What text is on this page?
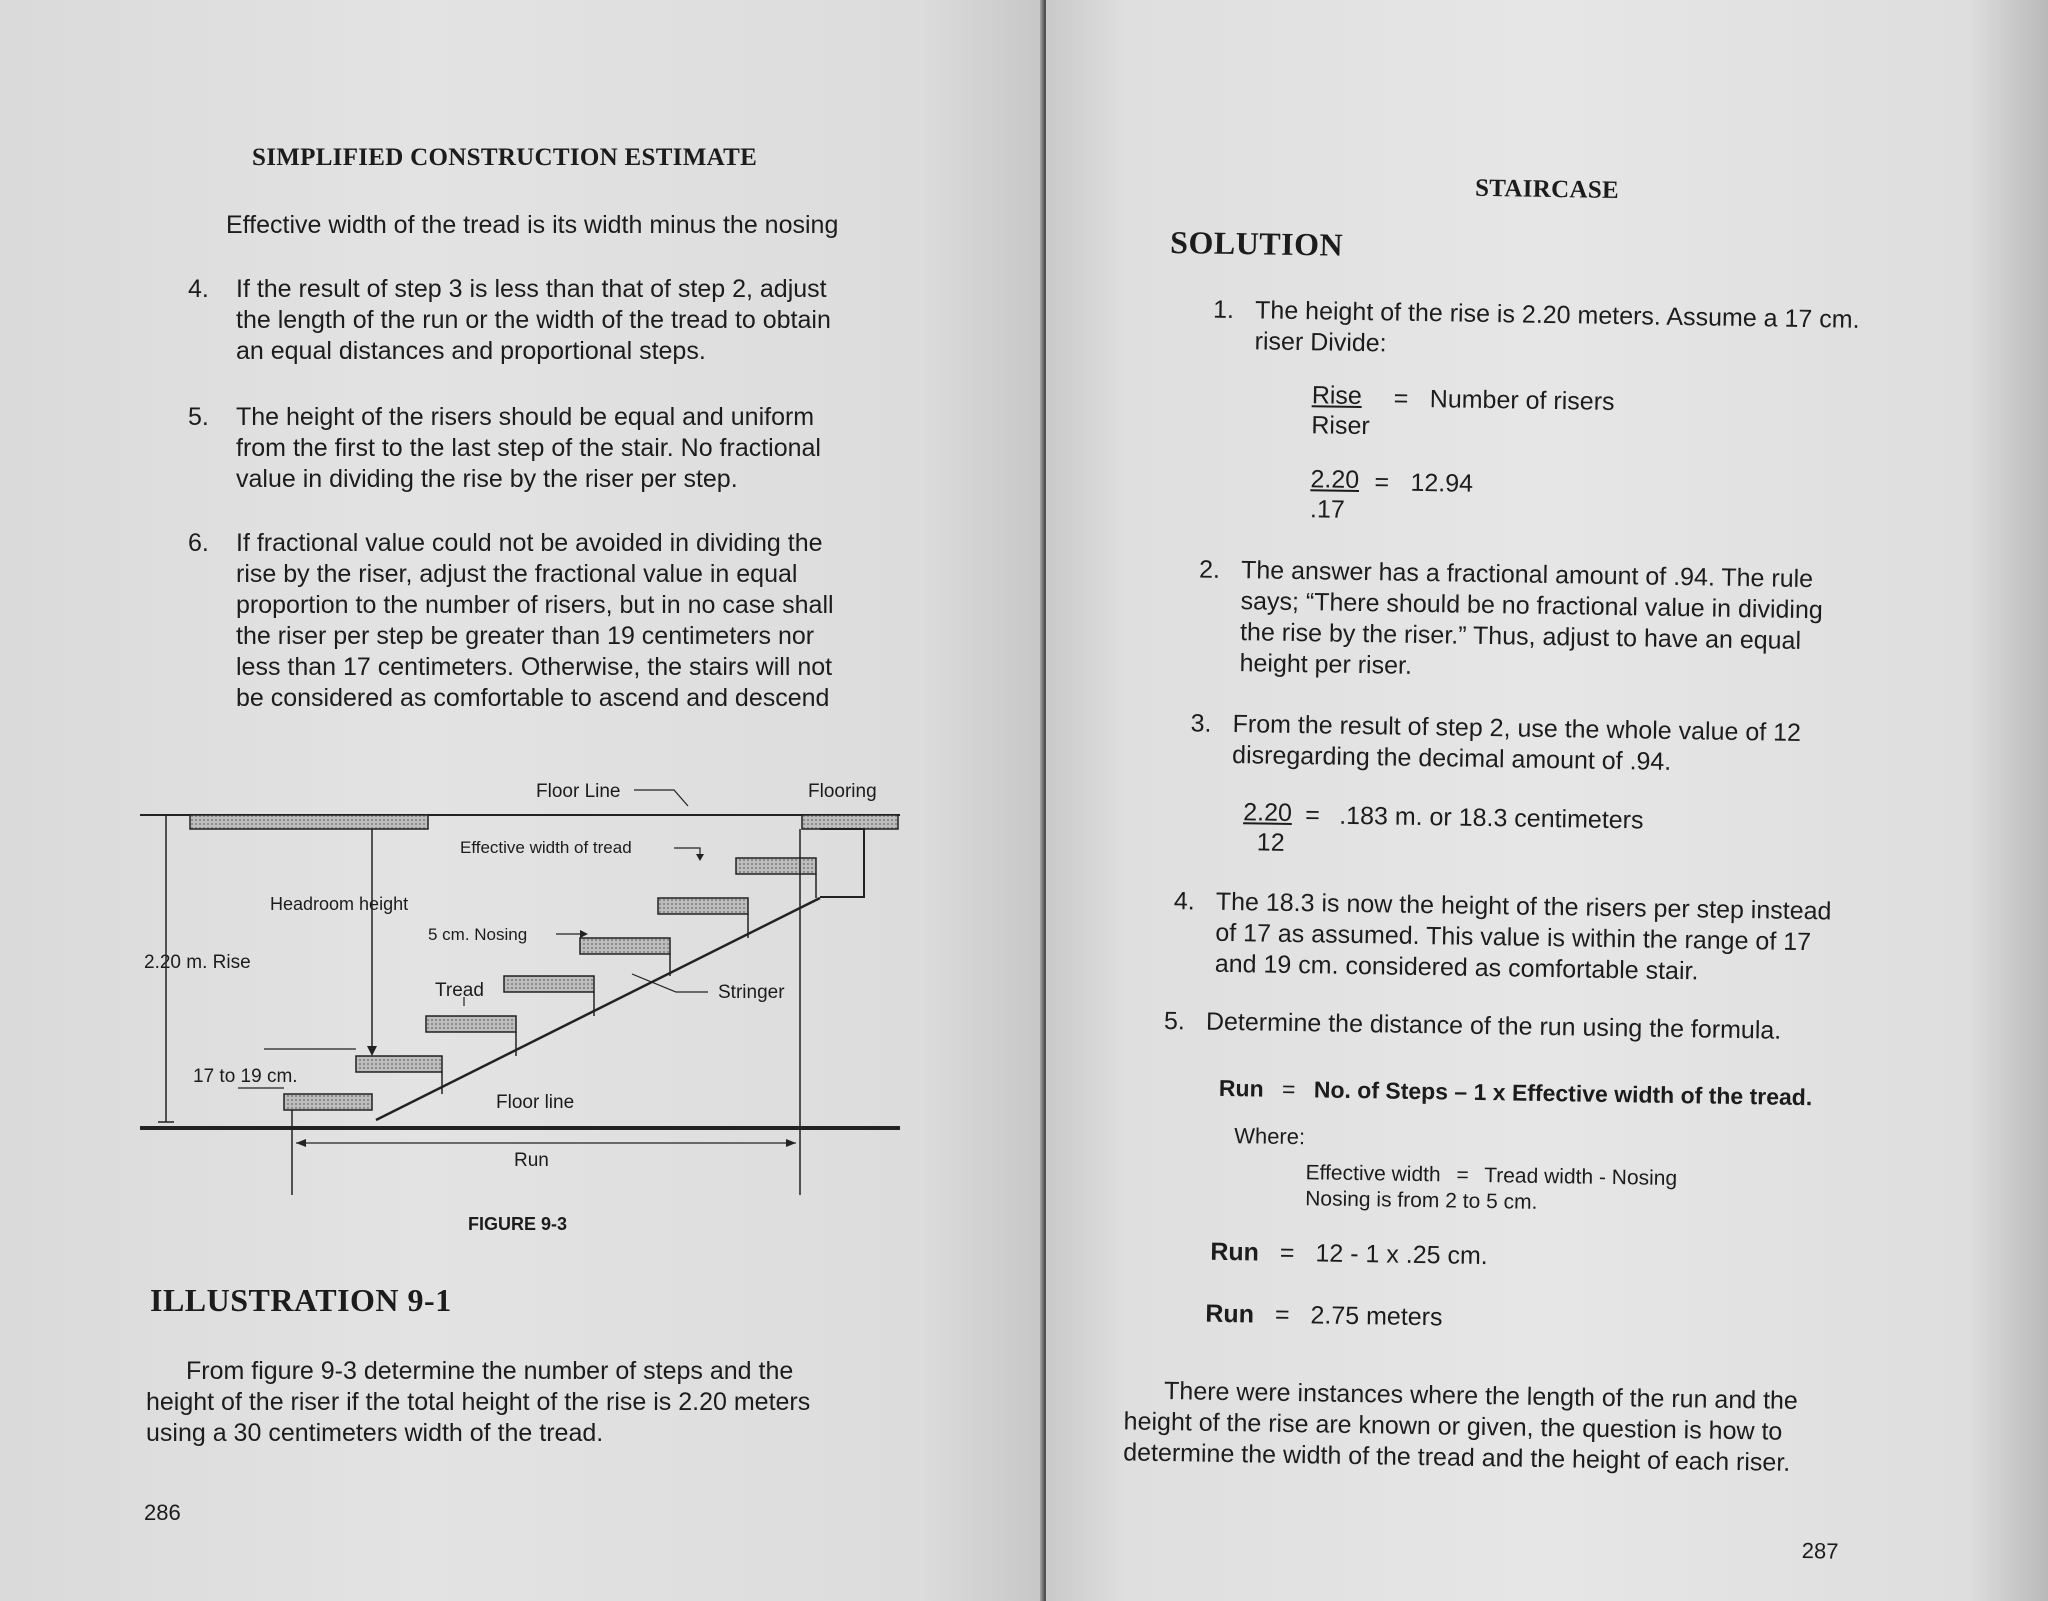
SIMPLIFIED CONSTRUCTION ESTIMATE
Effective width of the tread is its width minus the nosing
4. If the result of step 3 is less than that of step 2, adjust
the length of the run or the width of the tread to obtain
an equal distances and proportional steps.
5. The height of the risers should be equal and uniform
from the first to the last step of the stair. No fractional
value in dividing the rise by the riser per step.
6. If fractional value could not be avoided in dividing the
rise by the riser, adjust the fractional value in equal
proportion to the number of risers, but in no case shall
the riser per step be greater than 19 centimeters nor
less than 17 centimeters. Otherwise, the stairs will not
be considered as comfortable to ascend and descend
Floor Line	Flooring
Effective width of tread
Headroom height
5 cm. Nosing
2.20 m. Rise
Tread	Stringer
17 to 19 cm.
Floor line
Run
FIGURE 9-3
ILLUSTRATION 9-1
From figure 9-3 determine the number of steps and the
height of the riser if the total height of the rise is 2.20 meters
using a 30 centimeters width of the tread.
286
STAIRCASE
SOLUTION
1. The height of the rise is 2.20 meters. Assume a 17 cm.
riser Divide:
Rise
Riser
= Number of risers
$\frac{2.20}{.17} = 12.94$
2. The answer has a fractional amount of .94. The rule
says; “There should be no fractional value in dividing
the rise by the riser.” Thus, adjust to have an equal
height per riser.
3. From the result of step 2, use the whole value of 12
disregarding the decimal amount of .94.
$\frac{2.20}{12} = .183$ m. or 18.3 centimeters
4. The 18.3 is now the height of the risers per step instead
of 17 as assumed. This value is within the range of 17
and 19 cm. considered as comfortable stair.
5. Determine the distance of the run using the formula.
Run = No. of Steps – 1 x Effective width of the tread.
Where:
Effective width = Tread width - Nosing
Nosing is from 2 to 5 cm.
Run = 12 - 1 x .25 cm.
Run = 2.75 meters
There were instances where the length of the run and the
height of the rise are known or given, the question is how to
determine the width of the tread and the height of each riser.
287
